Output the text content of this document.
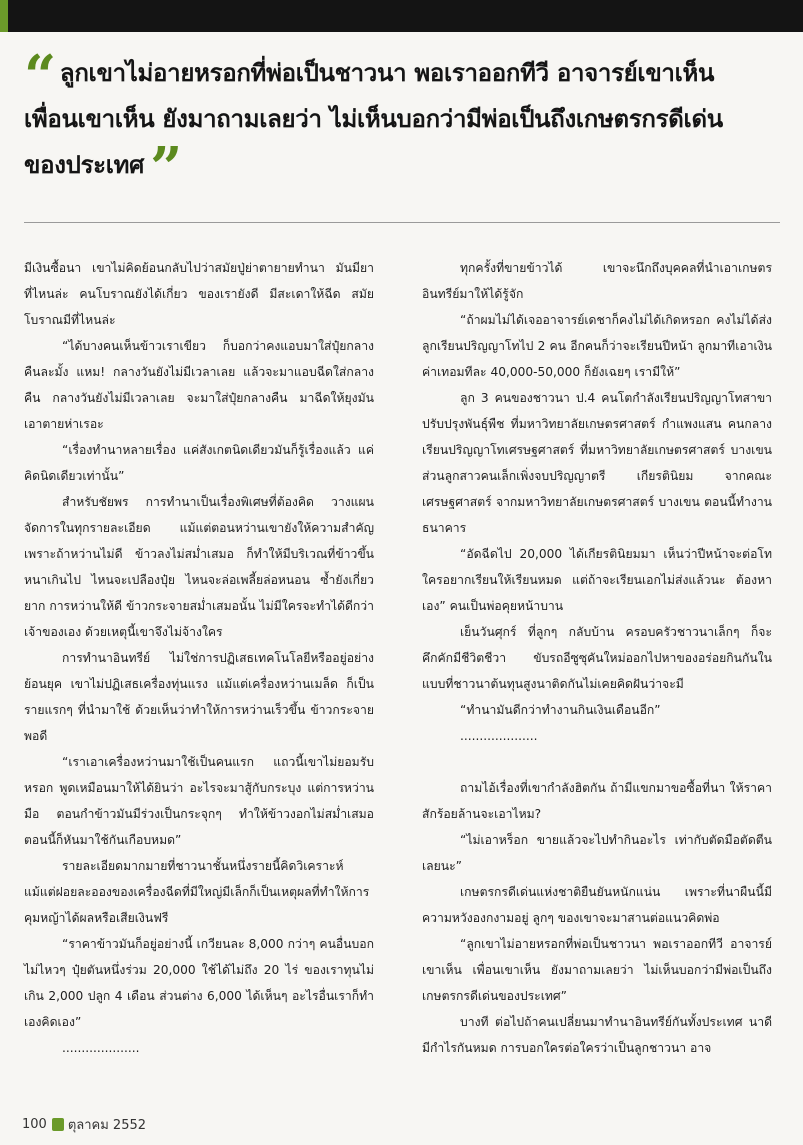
“ ลูกเขาไม่อายหรอกที่พ่อเป็นชาวนา พอเราออกทีวี อาจารย์เขาเห็น
เพื่อนเขาเห็น ยังมาถามเลยว่า ไม่เห็นบอกว่ามีพ่อเป็นถึงเกษตรกรดีเด่น
ของประเทศ ”

มีเงินซื้อนา เขาไม่คิดย้อนกลับไปว่าสมัยปู่ย่าตายายทำนา มันมียาที่ไหนล่ะ คนโบราณยังได้เกี่ยว ของเรายังดี มีสะเดาให้ฉีด สมัยโบราณมีที่ไหนล่ะ

“ได้บางคนเห็นข้าวเราเขียว ก็บอกว่าคงแอบมาใส่ปุ๋ยกลางคืนละมั้ง แหม! กลางวันยังไม่มีเวลาเลย แล้วจะมาแอบฉีดใส่กลางคืน กลางวันยังไม่มีเวลาเลย จะมาใส่ปุ๋ยกลางคืน มาฉีดให้ยุงมันเอาตายห่าเรอะ

“เรื่องทำนาหลายเรื่อง แค่สังเกตนิดเดียวมันก็รู้เรื่องแล้ว แค่คิดนิดเดียวเท่านั้น”

สำหรับชัยพร การทำนาเป็นเรื่องพิเศษที่ต้องคิด วางแผนจัดการในทุกรายละเอียด แม้แต่ตอนหว่านเขายังให้ความสำคัญ เพราะถ้าหว่านไม่ดี ข้าวลงไม่สม่ำเสมอ ก็ทำให้มีบริเวณที่ข้าวขึ้นหนาเกินไป ไหนจะเปลืองปุ๋ย ไหนจะล่อเพลี้ยล่อหนอน ซ้ำยังเกี่ยวยาก การหว่านให้ดี ข้าวกระจายสม่ำเสมอนั้น ไม่มีใครจะทำได้ดีกว่าเจ้าของเอง ด้วยเหตุนี้เขาจึงไม่จ้างใคร

การทำนาอินทรีย์ ไม่ใช่การปฏิเสธเทคโนโลยีหรืออยู่อย่างย้อนยุค เขาไม่ปฏิเสธเครื่องทุ่นแรง แม้แต่เครื่องหว่านเมล็ด ก็เป็นรายแรกๆ ที่นำมาใช้ ด้วยเห็นว่าทำให้การหว่านเร็วขึ้น ข้าวกระจายพอดี

“เราเอาเครื่องหว่านมาใช้เป็นคนแรก แถวนี้เขาไม่ยอมรับหรอก พูดเหมือนมาให้ได้ยินว่า อะไรจะมาสู้กับกระบุง แต่การหว่านมือ ตอนกำข้าวมันมีร่วงเป็นกระจุกๆ ทำให้ข้าวงอกไม่สม่ำเสมอ ตอนนี้ก็หันมาใช้กันเกือบหมด”

รายละเอียดมากมายที่ชาวนาชั้นหนึ่งรายนี้คิดวิเคราะห์ แม้แต่ฝอยละอองของเครื่องฉีดที่มีใหญ่มีเล็กก็เป็นเหตุผลที่ทำให้การคุมหญ้าได้ผลหรือเสียเงินฟรี

“ราคาข้าวมันก็อยู่อย่างนี้ เกวียนละ 8,000 กว่าๆ คนอื่นบอกไม่ไหวๆ ปุ๋ยตันหนึ่งร่วม 20,000 ใช้ได้ไม่ถึง 20 ไร่ ของเราทุนไม่เกิน 2,000 ปลูก 4 เดือน ส่วนต่าง 6,000 ได้เห็นๆ อะไรอื่นเราก็ทำเองคิดเอง”

....................

ทุกครั้งที่ขายข้าวได้ เขาจะนึกถึงบุคคลที่นำเอาเกษตรอินทรีย์มาให้ได้รู้จัก

“ถ้าผมไม่ได้เจออาจารย์เดชาก็คงไม่ได้เกิดหรอก คงไม่ได้ส่งลูกเรียนปริญญาโทไป 2 คน อีกคนก็ว่าจะเรียนปีหน้า ลูกมาทีเอาเงินค่าเทอมทีละ 40,000-50,000 ก็ยังเฉยๆ เรามีให้”

ลูก 3 คนของชาวนา ป.4 คนโตกำลังเรียนปริญญาโทสาขาปรับปรุงพันธุ์พืช ที่มหาวิทยาลัยเกษตรศาสตร์ กำแพงแสน คนกลางเรียนปริญญาโทเศรษฐศาสตร์ ที่มหาวิทยาลัยเกษตรศาสตร์ บางเขน ส่วนลูกสาวคนเล็กเพิ่งจบปริญญาตรี เกียรตินิยม จากคณะเศรษฐศาสตร์ จากมหาวิทยาลัยเกษตรศาสตร์ บางเขน ตอนนี้ทำงานธนาคาร

“อัดฉีดไป 20,000 ได้เกียรตินิยมมา เห็นว่าปีหน้าจะต่อโท ใครอยากเรียนให้เรียนหมด แต่ถ้าจะเรียนเอกไม่ส่งแล้วนะ ต้องหาเอง” คนเป็นพ่อคุยหน้าบาน

เย็นวันศุกร์ ที่ลูกๆ กลับบ้าน ครอบครัวชาวนาเล็กๆ ก็จะคึกคักมีชีวิตชีวา ขับรถอีซูซุคันใหม่ออกไปหาของอร่อยกินกันในแบบที่ชาวนาต้นทุนสูงนาติดกันไม่เคยคิดฝันว่าจะมี

“ทำนามันดีกว่าทำงานกินเงินเดือนอีก”

....................

ถามไอ้เรื่องที่เขากำลังฮิตกัน ถ้ามีแขกมาขอซื้อที่นา ให้ราคาสักร้อยล้านจะเอาไหม?

“ไม่เอาหร็อก ขายแล้วจะไปทำกินอะไร เท่ากับตัดมือตัดตีนเลยนะ”

เกษตรกรดีเด่นแห่งชาติยืนยันหนักแน่น เพราะที่นาผืนนี้มีความหวังองกงามอยู่ ลูกๆ ของเขาจะมาสานต่อแนวคิดพ่อ

“ลูกเขาไม่อายหรอกที่พ่อเป็นชาวนา พอเราออกทีวี อาจารย์เขาเห็น เพื่อนเขาเห็น ยังมาถามเลยว่า ไม่เห็นบอกว่ามีพ่อเป็นถึงเกษตรกรดีเด่นของประเทศ”

บางที ต่อไปถ้าคนเปลี่ยนมาทำนาอินทรีย์กันทั้งประเทศ นาดีมีกำไรกันหมด การบอกใครต่อใครว่าเป็นลูกชาวนา อาจ

100 ตุลาคม 2552
